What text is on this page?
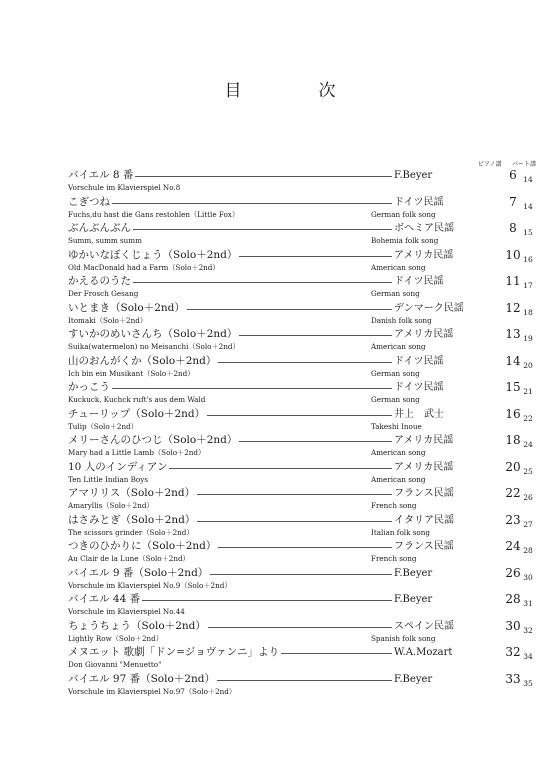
目　次
ピアノ譜 パート譜
バイエル 8 番	F.Beyer	6
Vorschule im Klavierspiel No.8
14
こぎつね	ドイツ民謡	7
Fuchs,du hast die Gans restohlen（Little Fox）	German folk song
14
ぶんぶんぶん	ボヘミア民謡	8
Summ, summ summ	Bohemia folk song
15
ゆかいなぼくじょう（Solo＋2nd）	アメリカ民謡	10
Old MacDonald had a Farm（Solo＋2nd）	American song
16
かえるのうた	ドイツ民謡	11
Der Frosch Gesang	German song
17
いとまき（Solo＋2nd）	デンマーク民謡	12
Itomaki（Solo＋2nd）	Danish folk song
18
すいかのめいさんち（Solo＋2nd）	アメリカ民謡	13
Suika(watermelon) no Meisanchi（Solo＋2nd）	American song
19
山のおんがくか（Solo＋2nd）	ドイツ民謡	14
Ich bin ein Musikant（Solo＋2nd）	German song
20
かっこう	ドイツ民謡	15
Kuckuck, Kuchck ruft's aus dem Wald	German song
21
チューリップ（Solo＋2nd）	井上　武士	16
Tulip（Solo＋2nd）	Takeshi Inoue
22
メリーさんのひつじ（Solo＋2nd）	アメリカ民謡	18
Mary had a Little Lamb（Solo＋2nd）	American song
24
10 人のインディアン	アメリカ民謡	20
Ten Little Indian Boys	American song
25
アマリリス（Solo＋2nd）	フランス民謡	22
Amaryllis（Solo＋2nd）	French song
26
はさみとぎ（Solo＋2nd）	イタリア民謡	23
The scissors grinder（Solo＋2nd）	Italian folk song
27
つきのひかりに（Solo＋2nd）	フランス民謡	24
Au Clair de la Lune（Solo＋2nd）	French song
28
バイエル 9 番（Solo＋2nd）	F.Beyer	26
Vorschule im Klavierspiel No.9（Solo＋2nd）
30
バイエル 44 番	F.Beyer	28
Vorschule im Klavierspiel No.44
31
ちょうちょう（Solo＋2nd）	スペイン民謡	30
Lightly Row（Solo＋2nd）	Spanish folk song
32
メヌエット 歌劇「ドン=ジョヴァンニ」より	W.A.Mozart	32
Don Giovanni "Menuetto"
34
バイエル 97 番（Solo＋2nd）	F.Beyer	33
Vorschule im Klavierspiel No.97（Solo＋2nd）
35
